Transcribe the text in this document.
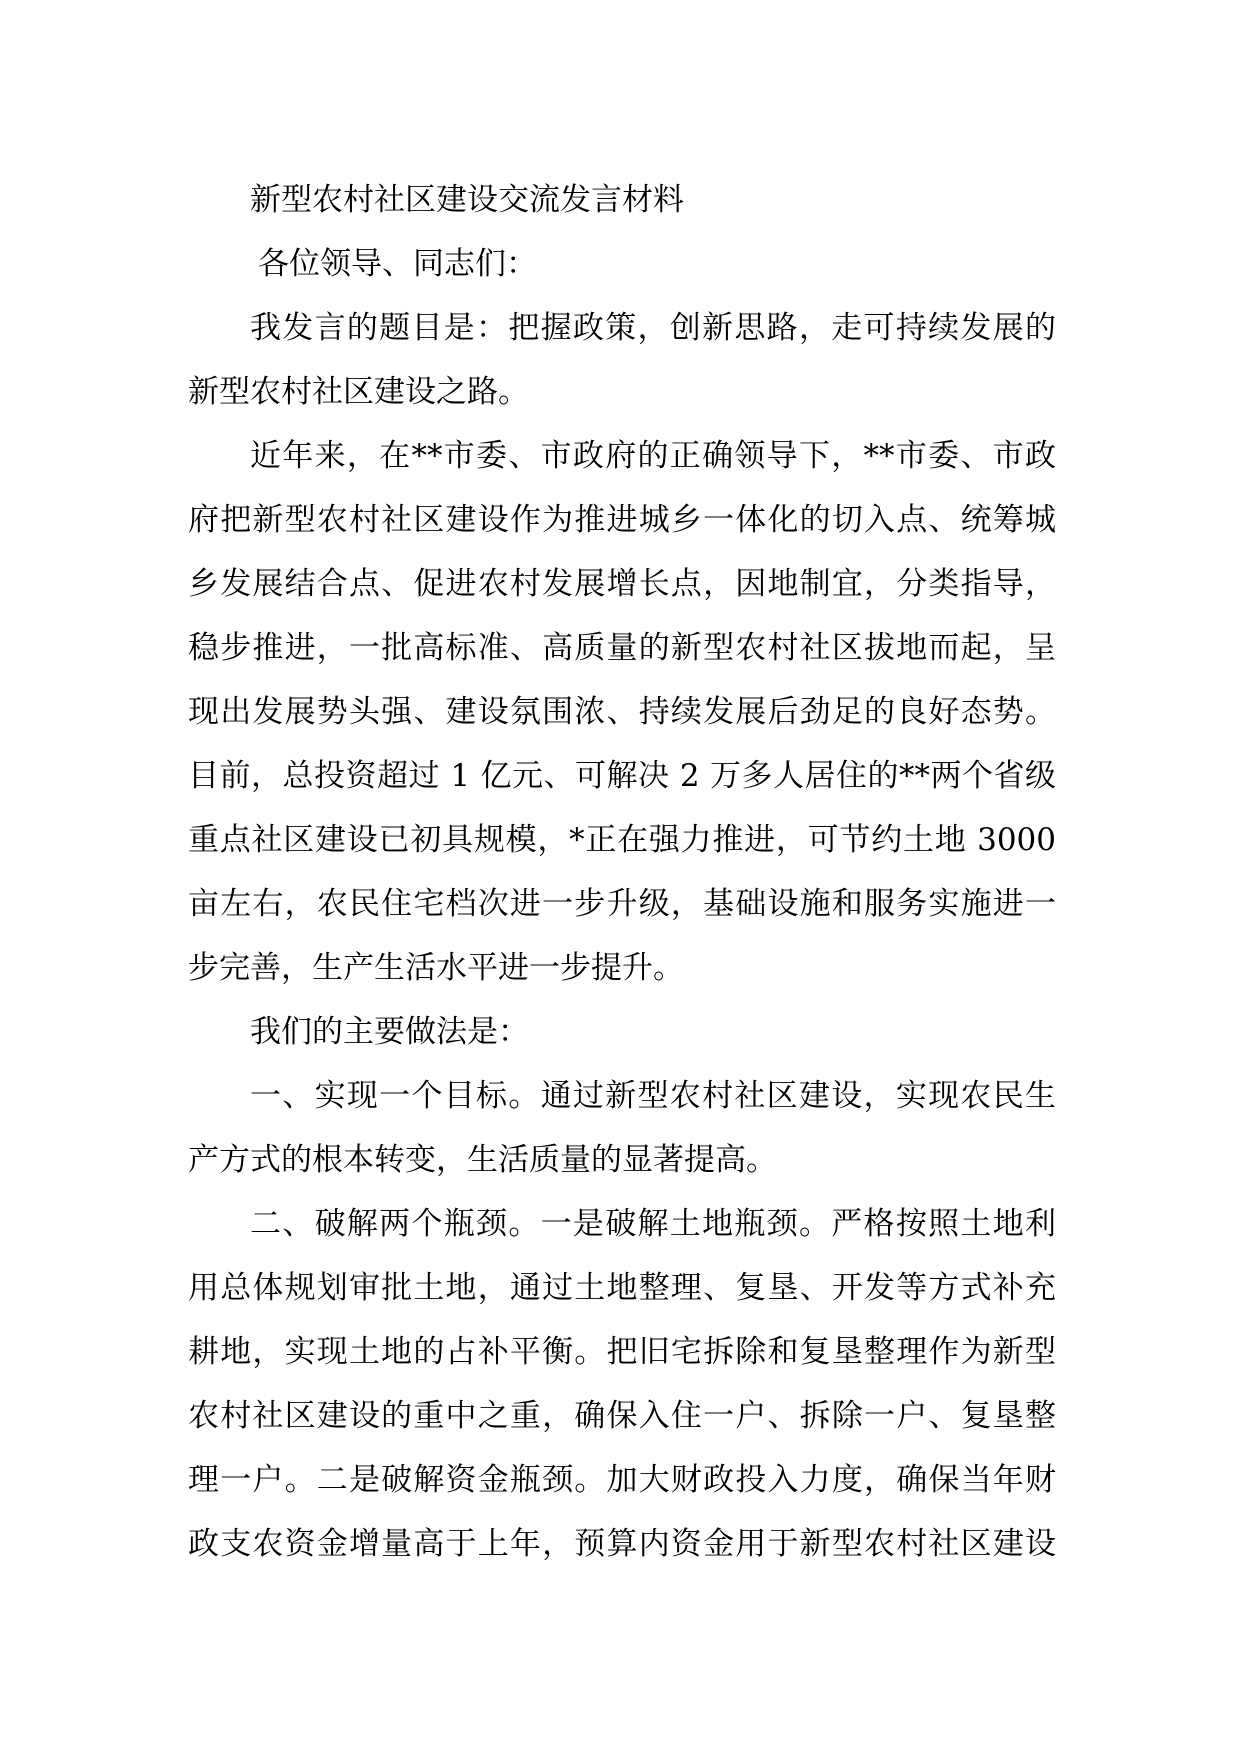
新型农村社区建设交流发言材料

各位领导、同志们：

我发言的题目是：把握政策，创新思路，走可持续发展的
新型农村社区建设之路。

近年来，在**市委、市政府的正确领导下，**市委、市政
府把新型农村社区建设作为推进城乡一体化的切入点、统筹城
乡发展结合点、促进农村发展增长点，因地制宜，分类指导，
稳步推进，一批高标准、高质量的新型农村社区拔地而起，呈
现出发展势头强、建设氛围浓、持续发展后劲足的良好态势。
目前，总投资超过 1 亿元、可解决 2 万多人居住的**两个省级
重点社区建设已初具规模，*正在强力推进，可节约土地 3000
亩左右，农民住宅档次进一步升级，基础设施和服务实施进一
步完善，生产生活水平进一步提升。

我们的主要做法是：

一、实现一个目标。通过新型农村社区建设，实现农民生
产方式的根本转变，生活质量的显著提高。

二、破解两个瓶颈。一是破解土地瓶颈。严格按照土地利
用总体规划审批土地，通过土地整理、复垦、开发等方式补充
耕地，实现土地的占补平衡。把旧宅拆除和复垦整理作为新型
农村社区建设的重中之重，确保入住一户、拆除一户、复垦整
理一户。二是破解资金瓶颈。加大财政投入力度，确保当年财
政支农资金增量高于上年，预算内资金用于新型农村社区建设
